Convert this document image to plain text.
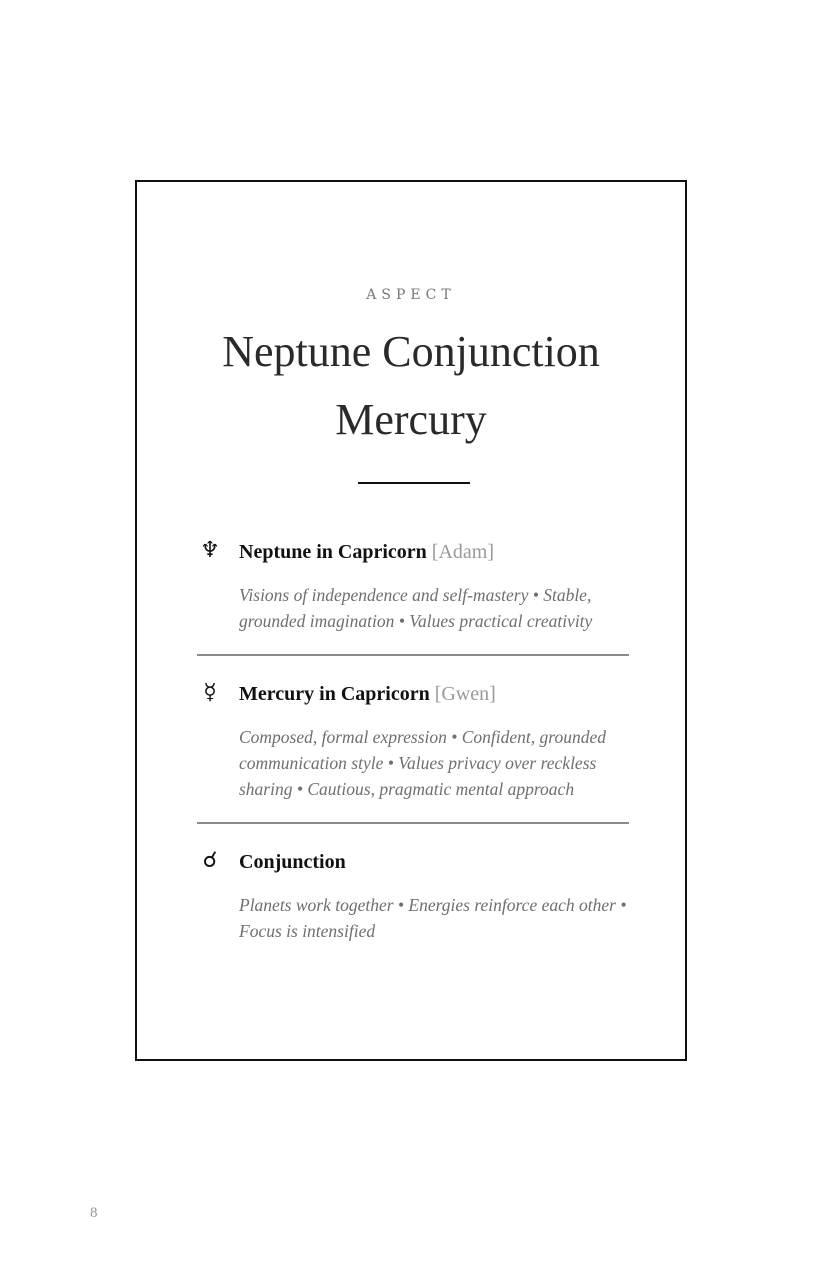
ASPECT
Neptune Conjunction Mercury
♆ Neptune in Capricorn [Adam]
Visions of independence and self-mastery • Stable, grounded imagination • Values practical creativity
☿	Mercury in Capricorn [Gwen]
Composed, formal expression • Confident, grounded communication style • Values privacy over reckless sharing • Cautious, pragmatic mental approach
☌ Conjunction
Planets work together • Energies reinforce each other • Focus is intensified
8
